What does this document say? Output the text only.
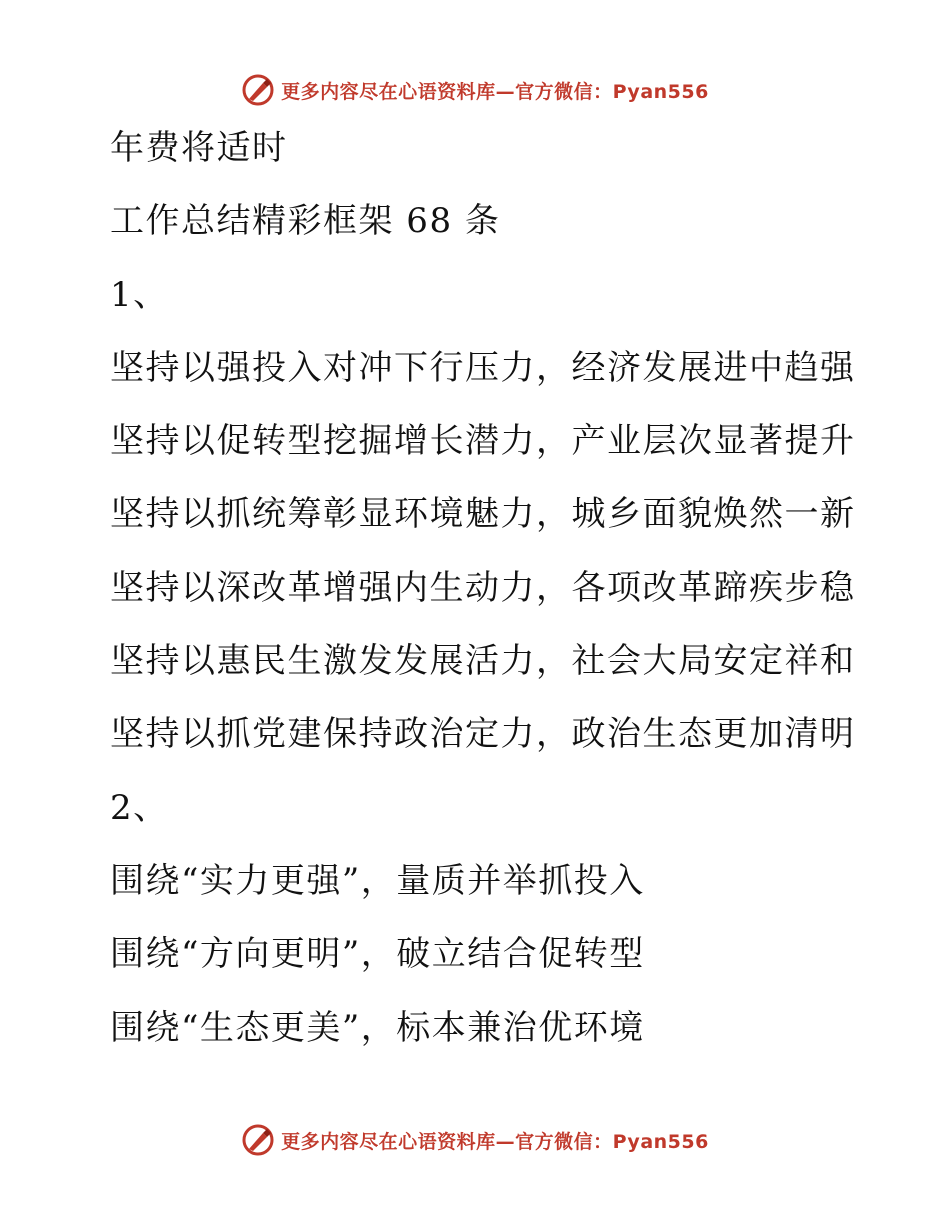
更多内容尽在心语资料库—官方微信：Pyan556
年费将适时
工作总结精彩框架 68 条
1、
坚持以强投入对冲下行压力，经济发展进中趋强
坚持以促转型挖掘增长潜力，产业层次显著提升
坚持以抓统筹彰显环境魅力，城乡面貌焕然一新
坚持以深改革增强内生动力，各项改革蹄疾步稳
坚持以惠民生激发发展活力，社会大局安定祥和
坚持以抓党建保持政治定力，政治生态更加清明
2、
围绕“实力更强”，量质并举抓投入
围绕“方向更明”，破立结合促转型
围绕“生态更美”，标本兼治优环境
更多内容尽在心语资料库—官方微信：Pyan556
